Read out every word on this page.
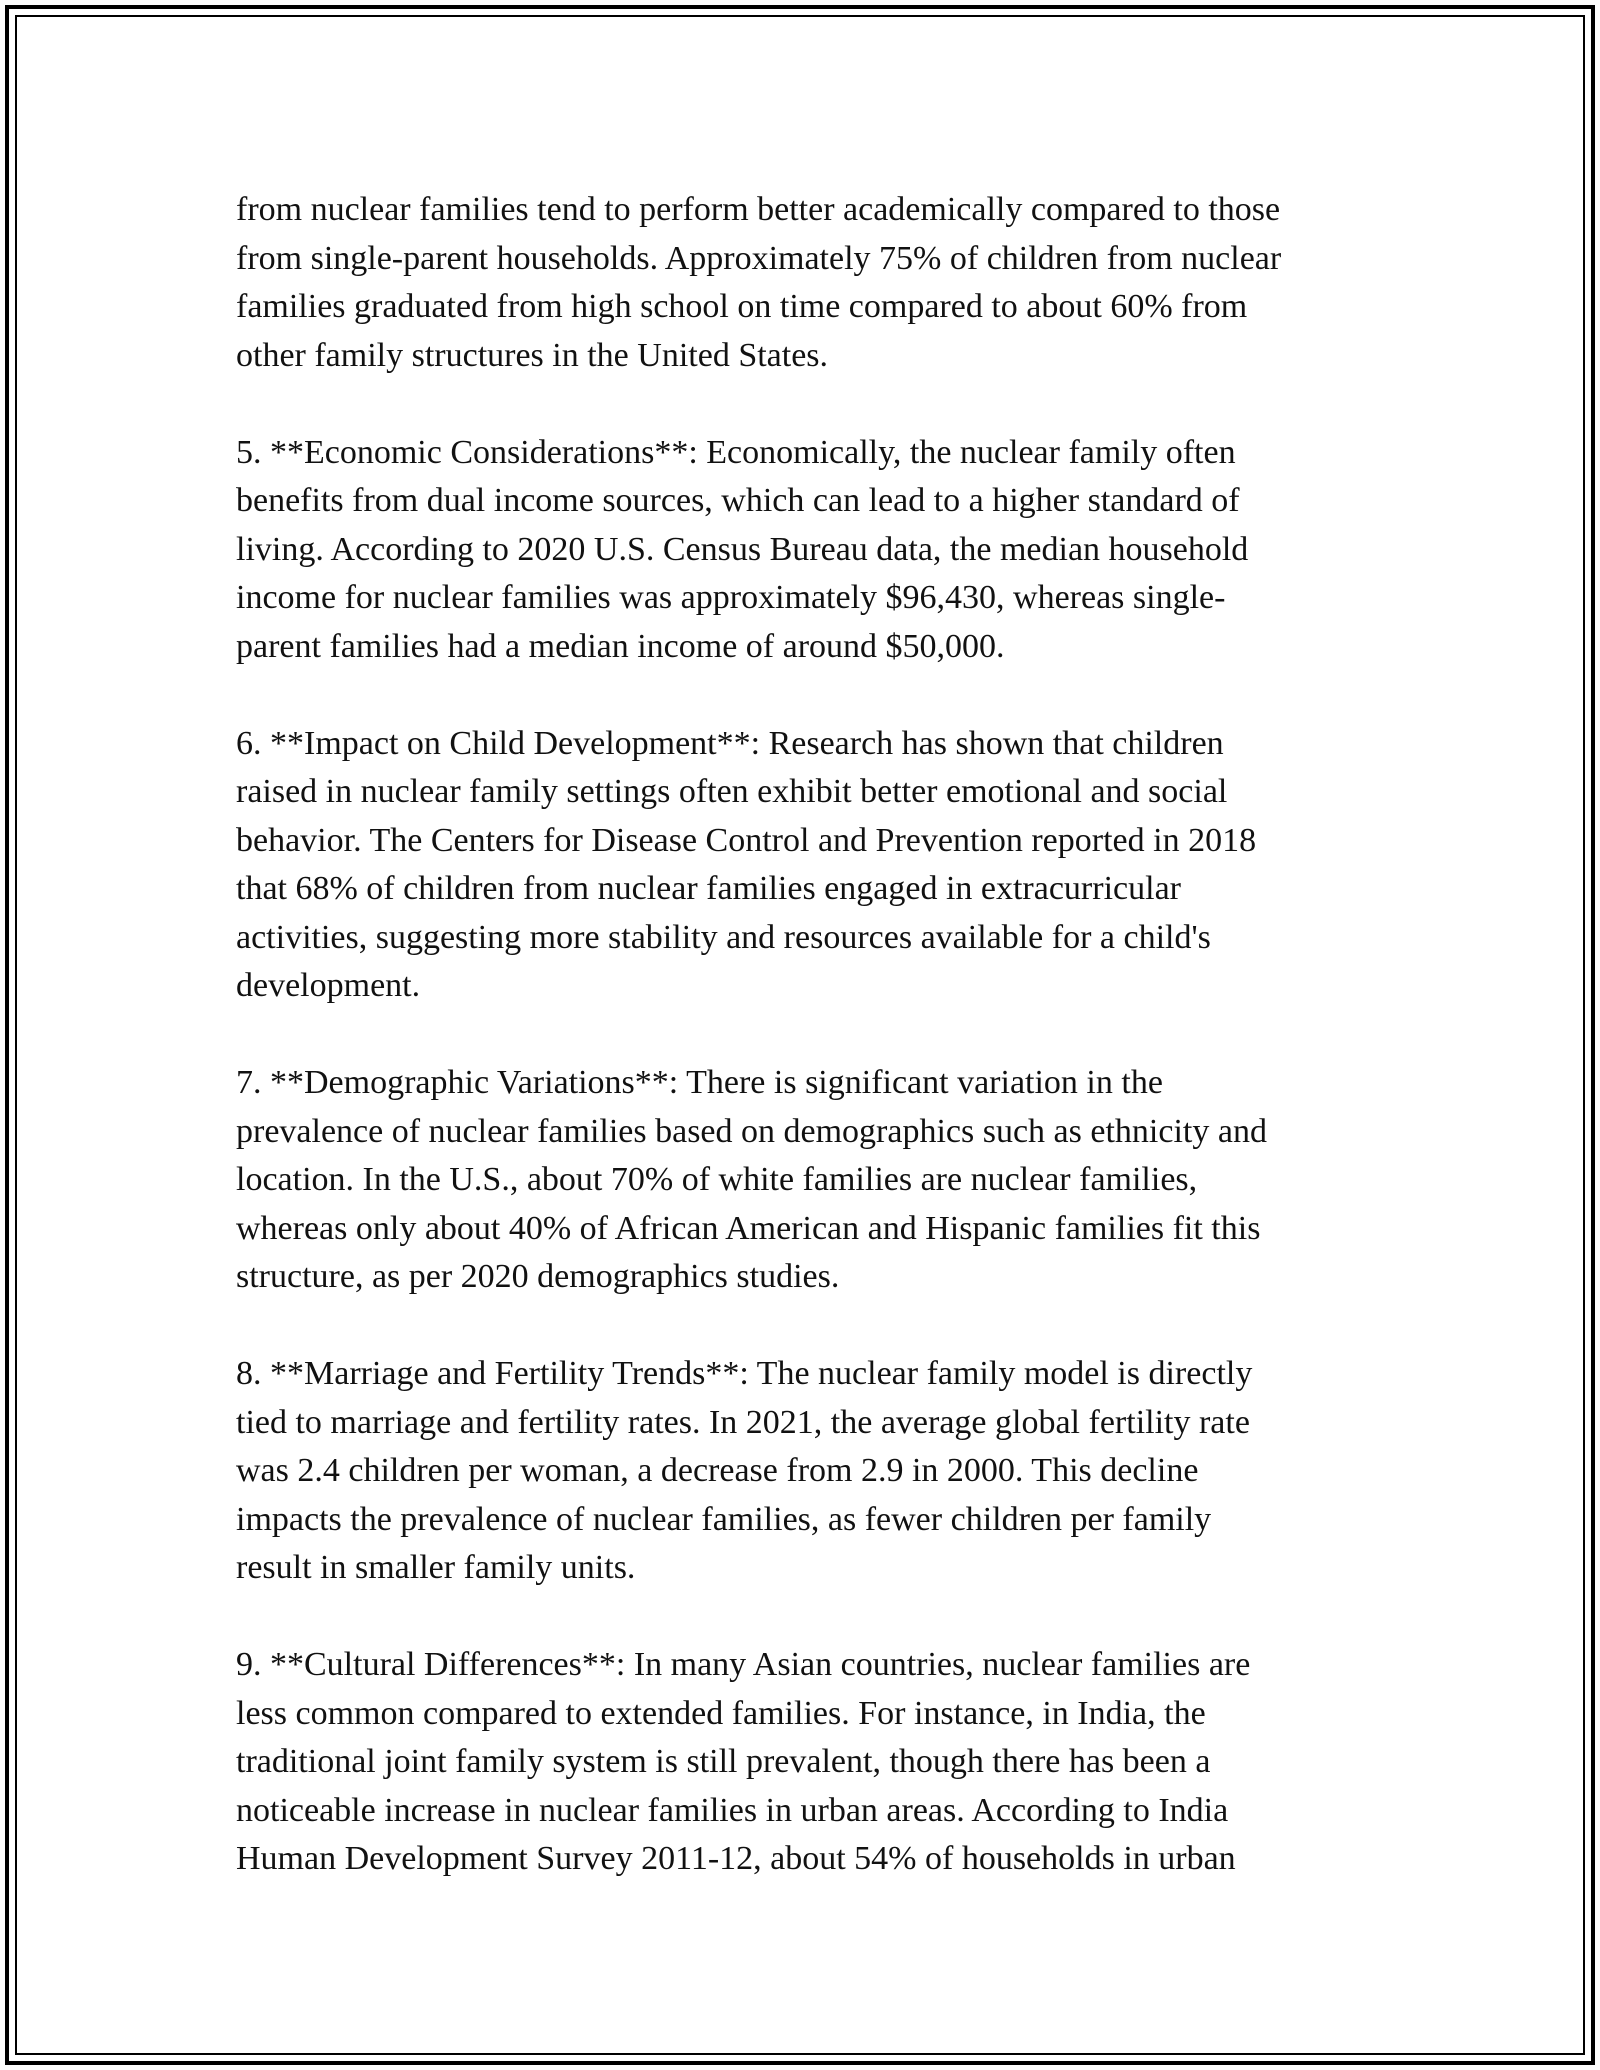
from nuclear families tend to perform better academically compared to those
from single-parent households. Approximately 75% of children from nuclear
families graduated from high school on time compared to about 60% from
other family structures in the United States.
5. **Economic Considerations**: Economically, the nuclear family often
benefits from dual income sources, which can lead to a higher standard of
living. According to 2020 U.S. Census Bureau data, the median household
income for nuclear families was approximately $96,430, whereas single-
parent families had a median income of around $50,000.
6. **Impact on Child Development**: Research has shown that children
raised in nuclear family settings often exhibit better emotional and social
behavior. The Centers for Disease Control and Prevention reported in 2018
that 68% of children from nuclear families engaged in extracurricular
activities, suggesting more stability and resources available for a child's
development.
7. **Demographic Variations**: There is significant variation in the
prevalence of nuclear families based on demographics such as ethnicity and
location. In the U.S., about 70% of white families are nuclear families,
whereas only about 40% of African American and Hispanic families fit this
structure, as per 2020 demographics studies.
8. **Marriage and Fertility Trends**: The nuclear family model is directly
tied to marriage and fertility rates. In 2021, the average global fertility rate
was 2.4 children per woman, a decrease from 2.9 in 2000. This decline
impacts the prevalence of nuclear families, as fewer children per family
result in smaller family units.
9. **Cultural Differences**: In many Asian countries, nuclear families are
less common compared to extended families. For instance, in India, the
traditional joint family system is still prevalent, though there has been a
noticeable increase in nuclear families in urban areas. According to India
Human Development Survey 2011-12, about 54% of households in urban
